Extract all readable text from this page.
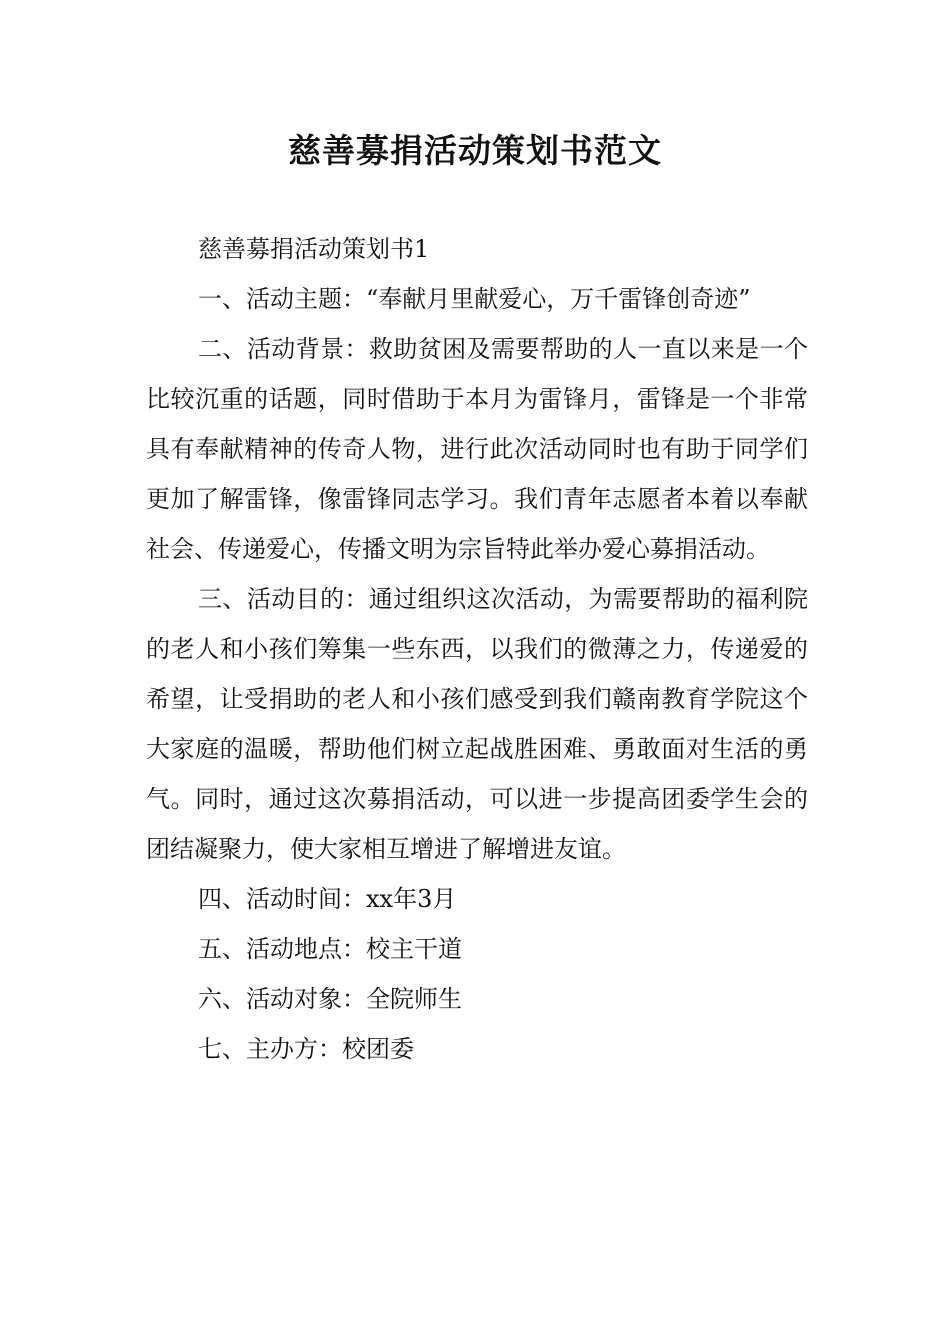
慈善募捐活动策划书范文

慈善募捐活动策划书1

一、活动主题：“奉献月里献爱心，万千雷锋创奇迹”

二、活动背景：救助贫困及需要帮助的人一直以来是一个比较沉重的话题，同时借助于本月为雷锋月，雷锋是一个非常具有奉献精神的传奇人物，进行此次活动同时也有助于同学们更加了解雷锋，像雷锋同志学习。我们青年志愿者本着以奉献社会、传递爱心，传播文明为宗旨特此举办爱心募捐活动。

三、活动目的：通过组织这次活动，为需要帮助的福利院的老人和小孩们筹集一些东西，以我们的微薄之力，传递爱的希望，让受捐助的老人和小孩们感受到我们赣南教育学院这个大家庭的温暖，帮助他们树立起战胜困难、勇敢面对生活的勇气。同时，通过这次募捐活动，可以进一步提高团委学生会的团结凝聚力，使大家相互增进了解增进友谊。

四、活动时间：xx年3月

五、活动地点：校主干道

六、活动对象：全院师生

七、主办方：校团委
